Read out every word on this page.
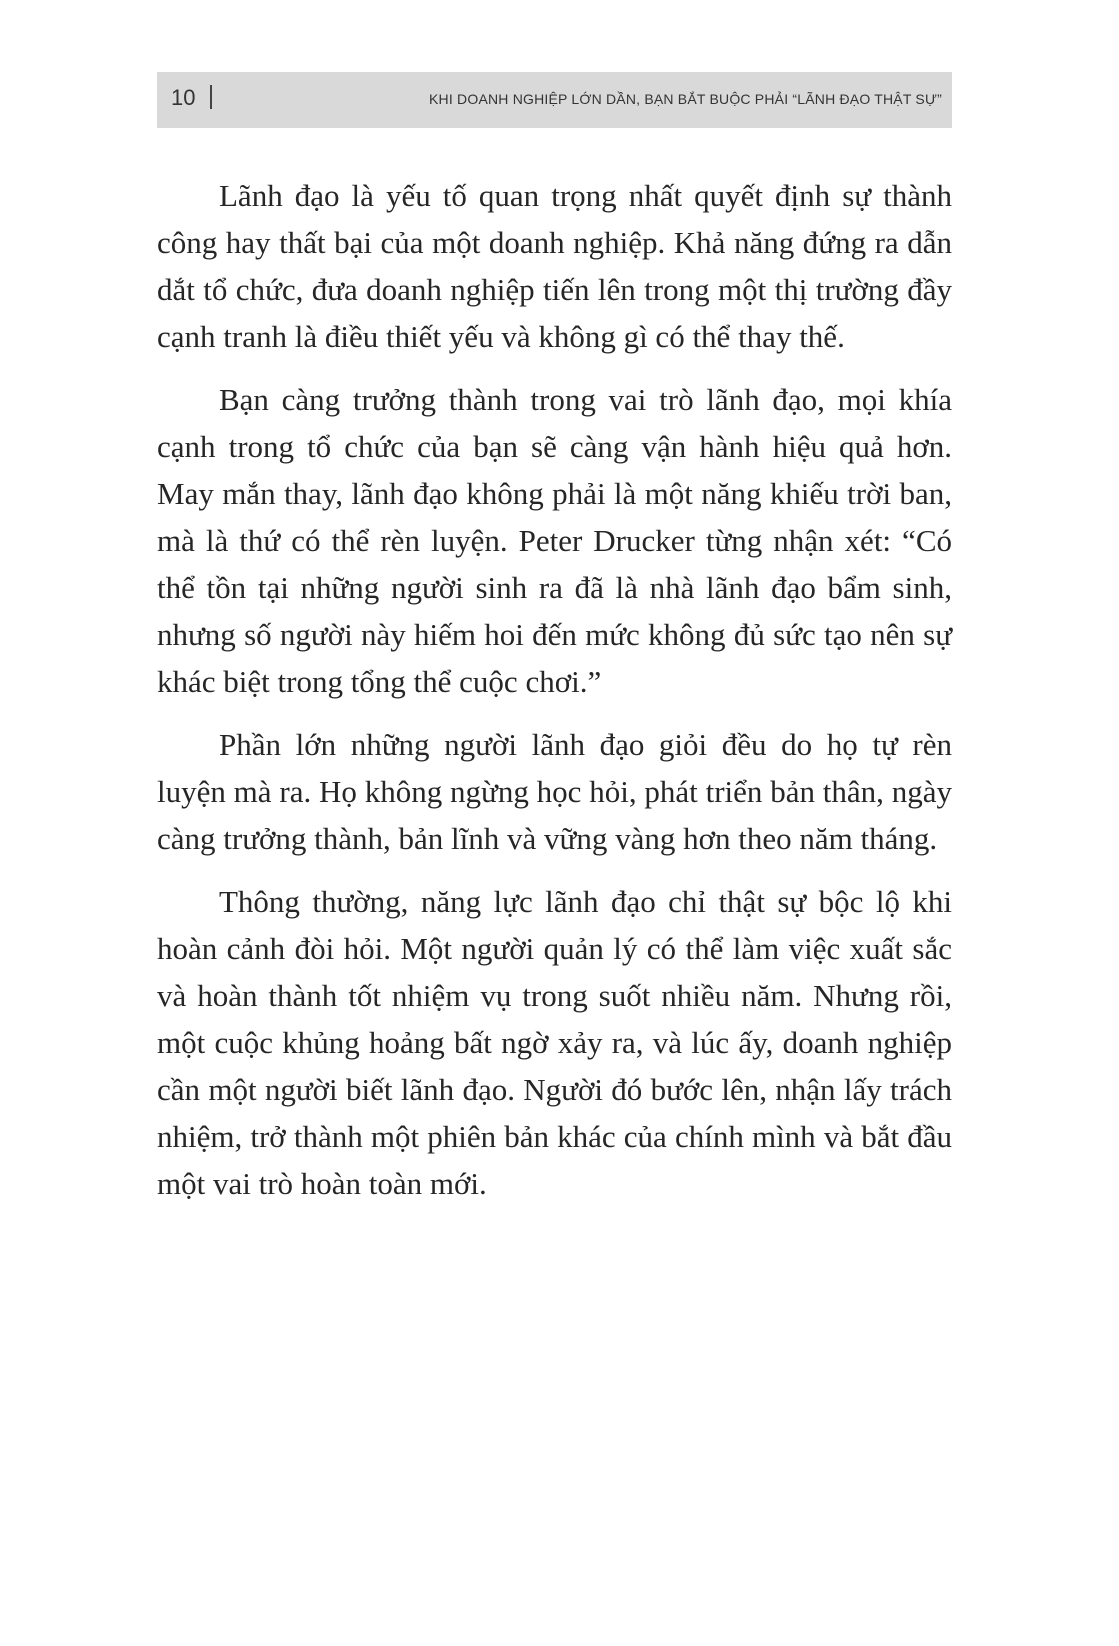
10	KHI DOANH NGHIỆP LỚN DẦN, BẠN BẮT BUỘC PHẢI “LÃNH ĐẠO THẬT SỰ”

Lãnh đạo là yếu tố quan trọng nhất quyết định sự thành công hay thất bại của một doanh nghiệp. Khả năng đứng ra dẫn dắt tổ chức, đưa doanh nghiệp tiến lên trong một thị trường đầy cạnh tranh là điều thiết yếu và không gì có thể thay thế.

Bạn càng trưởng thành trong vai trò lãnh đạo, mọi khía cạnh trong tổ chức của bạn sẽ càng vận hành hiệu quả hơn. May mắn thay, lãnh đạo không phải là một năng khiếu trời ban, mà là thứ có thể rèn luyện. Peter Drucker từng nhận xét: “Có thể tồn tại những người sinh ra đã là nhà lãnh đạo bẩm sinh, nhưng số người này hiếm hoi đến mức không đủ sức tạo nên sự khác biệt trong tổng thể cuộc chơi.”

Phần lớn những người lãnh đạo giỏi đều do họ tự rèn luyện mà ra. Họ không ngừng học hỏi, phát triển bản thân, ngày càng trưởng thành, bản lĩnh và vững vàng hơn theo năm tháng.

Thông thường, năng lực lãnh đạo chỉ thật sự bộc lộ khi hoàn cảnh đòi hỏi. Một người quản lý có thể làm việc xuất sắc và hoàn thành tốt nhiệm vụ trong suốt nhiều năm. Nhưng rồi, một cuộc khủng hoảng bất ngờ xảy ra, và lúc ấy, doanh nghiệp cần một người biết lãnh đạo. Người đó bước lên, nhận lấy trách nhiệm, trở thành một phiên bản khác của chính mình và bắt đầu một vai trò hoàn toàn mới.
